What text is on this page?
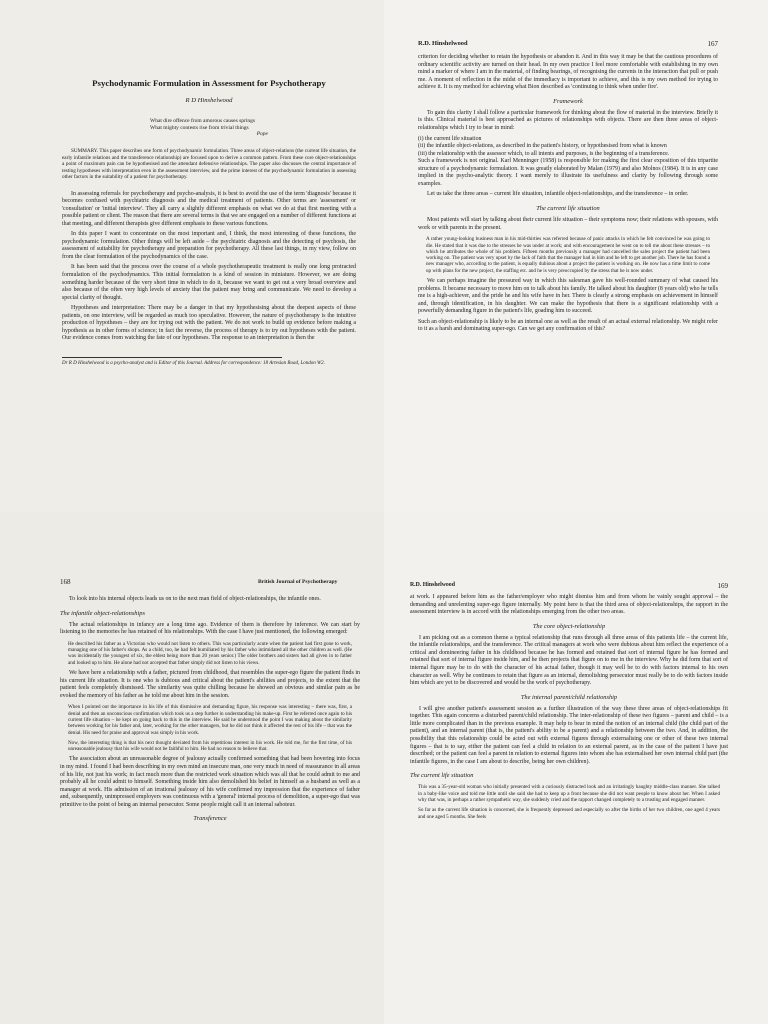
Psychodynamic Formulation in Assessment for Psychotherapy
R D Hinshelwood
What dire offence from amorous causes springs
What mighty contests rise from trivial things
Pope

SUMMARY. This paper describes one form of psychodynamic formulation. Three areas of object-relations (the current life situation, the early infantile relations and the transference relationship) are focused upon to derive a common pattern. From these core object-relationships a point of maximum pain can be hypothesised and the attendant defensive relationships. The paper also discusses the central importance of testing hypotheses with interpretation even in the assessment interview, and the prime interest of the psychodynamic formulation in assessing other factors in the suitability of a patient for psychotherapy.

In assessing referrals for psychotherapy and psycho-analysis, it is best to avoid the use of the term 'diagnosis' because it becomes confused with psychiatric diagnosis and the medical treatment of patients. Other terms are 'assessment' or 'consultation' or 'initial interview'. They all carry a slightly different emphasis on what we do at that first meeting with a possible patient or client. The reason that there are several terms is that we are engaged on a number of different functions at that meeting, and different therapists give different emphasis to these various functions.

In this paper I want to concentrate on the most important and, I think, the most interesting of these functions, the psychodynamic formulation. Other things will be left aside – the psychiatric diagnosis and the detecting of psychosis, the assessment of suitability for psychotherapy and preparation for psychotherapy. All these last things, in my view, follow on from the clear formulation of the psychodynamics of the case.

It has been said that the process over the course of a whole psychotherapeutic treatment is really one long protracted formulation of the psychodynamics. This initial formulation is a kind of session in miniature. However, we are doing something harder because of the very short time in which to do it, because we want to get out a very broad overview and also because of the often very high levels of anxiety that the patient may bring and communicate. We need to develop a special clarity of thought.

Hypotheses and interpretation: There may be a danger in that my hypothesising about the deepest aspects of these patients, on one interview, will be regarded as much too speculative. However, the nature of psychotherapy is the intuitive production of hypotheses – they are for trying out with the patient. We do not work to build up evidence before making a hypothesis as in other forms of science; in fact the reverse, the process of therapy is to try out hypotheses with the patient. Our evidence comes from watching the fate of our hypotheses. The response to an interpretation is then the

Dr R D Hinshelwood is a psycho-analyst and is Editor of this Journal. Address for correspondence: 18 Artesian Road, London W2.

R.D. Hinshelwood	167

criterion for deciding whether to retain the hypothesis or abandon it. And in this way it may be that the cautious procedures of ordinary scientific activity are turned on their head. In my own practice I feel more comfortable with establishing in my own mind a marker of where I am in the material, of finding bearings, of recognising the currents in the interaction that pull or push me. A moment of reflection in the midst of the immediacy is important to achieve, and this is my own method for trying to achieve it. It is my method for achieving what Bion described as 'continuing to think when under fire'.

Framework

To gain this clarity I shall follow a particular framework for thinking about the flow of material in the interview. Briefly it is this. Clinical material is best approached as pictures of relationships with objects. There are then three areas of object-relationships which I try to bear in mind:

(i) the current life situation

(ii) the infantile object-relations, as described in the patient's history, or hypothesised from what is known

(iii) the relationship with the assessor which, to all intents and purposes, is the beginning of a transference.

Such a framework is not original. Karl Menninger (1958) is responsible for making the first clear exposition of this tripartite structure of a psychodynamic formulation. It was greatly elaborated by Malan (1979) and also Molnos (1984). It is in any case implied in the psycho-analytic theory. I want merely to illustrate its usefulness and clarity by following through some examples.

Let us take the three areas – current life situation, infantile object-relationships, and the transference – in order.

The current life situation

Most patients will start by talking about their current life situation – their symptoms now; their relations with spouses, with work or with parents in the present.

A rather young-looking business man in his mid-thirties was referred because of panic attacks in which he felt convinced he was going to die. He stated that it was due to the stresses he was under at work; and with encouragement he went on to tell me about these stresses – to which he attributes the whole of his problem. Fifteen months previously a manager had cancelled the sales project the patient had been working on. The patient was very upset by the lack of faith that the manager had in him and he left to get another job. There he has found a new manager who, according to the patient, is equally dubious about a project the patient is working on. He now has a time limit to come up with plans for the new project, the staffing etc. and he is very preoccupied by the stress that he is now under.

We can perhaps imagine the pressured way in which this salesman gave his well-rounded summary of what caused his problems. It became necessary to move him on to talk about his family. He talked about his daughter (8 years old) who he tells me is a high-achiever, and the pride he and his wife have in her. There is clearly a strong emphasis on achievement in himself and, through identification, in his daughter. We can make the hypothesis that there is a significant relationship with a powerfully demanding figure in the patient's life, goading him to succeed.

Such an object-relationship is likely to be an internal one as well as the result of an actual external relationship. We might refer to it as a harsh and dominating super-ego. Can we get any confirmation of this?

168	British Journal of Psychotherapy

To look into his internal objects leads us on to the next man field of object-relationships, the infantile ones.

The infantile object-relationships

The actual relationships in infancy are a long time ago. Evidence of them is therefore by inference. We can start by listening to the memories he has retained of his relationships. With the case I have just mentioned, the following emerged:

He described his father as a Victorian who would not listen to others. This was particularly acute when the patient had first gone to work, managing one of his father's shops. As a child, too, he had felt humiliated by his father who intimidated all the other children as well. (He was incidentally the youngest of six, the eldest being more than 20 years senior.) The older brothers and sisters had all given in to father and looked up to him. He alone had not accepted that father simply did not listen to his views.

We have here a relationship with a father, pictured from childhood, that resembles the super-ego figure the patient finds in his current life situation. It is one who is dubious and critical about the patient's abilities and projects, to the extent that the patient feels completely dismissed. The similarity was quite chilling because he showed an obvious and similar pain as he evoked the memory of his father as he told me about him in the session.

When I pointed out the importance in his life of this dismissive and demanding figure, his response was interesting – there was, first, a denial and then an unconscious confirmation which took us a step further in understanding his make-up. First he referred once again to his current life situation – he kept on going back to this in the interview. He said he understood the point I was making about the similarity between working for his father and, later, working for the other managers, but he did not think it affected the rest of his life – that was the denial. His need for praise and approval was simply in his work.

Now, the interesting thing is that his next thought deviated from his repetitious interest in his work. He told me, for the first time, of his unreasonable jealousy that his wife would not be faithful to him. He had no reason to believe that.

The association about an unreasonable degree of jealousy actually confirmed something that had been hovering into focus in my mind. I found I had been describing in my own mind an insecure man, one very much in need of reassurance in all areas of his life, not just his work; in fact much more than the restricted work situation which was all that he could admit to me and probably all he could admit to himself. Something inside him also demolished his belief in himself as a husband as well as a manager at work. His admission of an irrational jealousy of his wife confirmed my impression that the experience of father and, subsequently, unimpressed employers was continuous with a 'general' internal process of demolition, a super-ego that was primitive to the point of being an internal persecutor. Some people might call it an internal saboteur.

Transference

R.D. Hinshelwood	169

at work. I appeared before him as the father/employer who might dismiss him and from whom he vainly sought approval – the demanding and unrelenting super-ego figure internally. My point here is that the third area of object-relationships, the rapport in the assessment interview is in accord with the relationships emerging from the other two areas.

The core object-relationship

I am picking out as a common theme a typical relationship that runs through all three areas of this patients life – the current life, the infantile relationships, and the transference. The critical managers at work who were dubious about him reflect the experience of a critical and domineering father in his childhood because he has formed and retained that sort of internal figure he has formed and retained that sort of internal figure inside him, and he then projects that figure on to me in the interview. Why he did form that sort of internal figure may be to do with the character of his actual father, though it may well be to do with factors internal to his own character as well. Why he continues to retain that figure as an internal, demolishing persecutor must really be to do with factors inside him which are yet to be discovered and would be the work of psychotherapy.

The internal parent/child relationship

I will give another patient's assessment session as a further illustration of the way these three areas of object-relationships fit together. This again concerns a disturbed parent/child relationship. The inter-relationship of these two figures – parent and child – is a little more complicated than in the previous example. It may help to bear in mind the notion of an internal child (the child part of the patient), and an internal parent (that is, the patient's ability to be a parent) and a relationship between the two. And, in addition, the possibility that this relationship could be acted out with external figures through externalising one or other of these two internal figures – that is to say, either the patient can feel a child in relation to an external parent, as in the case of the patient I have just described; or the patient can feel a parent in relation to external figures into whom she has externalised her own internal child part (the infantile figures, in the case I am about to describe, being her own children).

The current life situation

This was a 35-year-old woman who initially presented with a curiously distracted look and an irritatingly haughty middle-class manner. She talked in a baby-like voice and told me little until she said she had to keep up a front because she did not want people to know about her. When I asked why that was, in perhaps a rather sympathetic way, she suddenly cried and the rapport changed completely to a trusting and engaged manner.

So far as the current life situation is concerned, she is frequently depressed and especially so after the births of her two children, one aged 4 years and one aged 5 months. She feels
